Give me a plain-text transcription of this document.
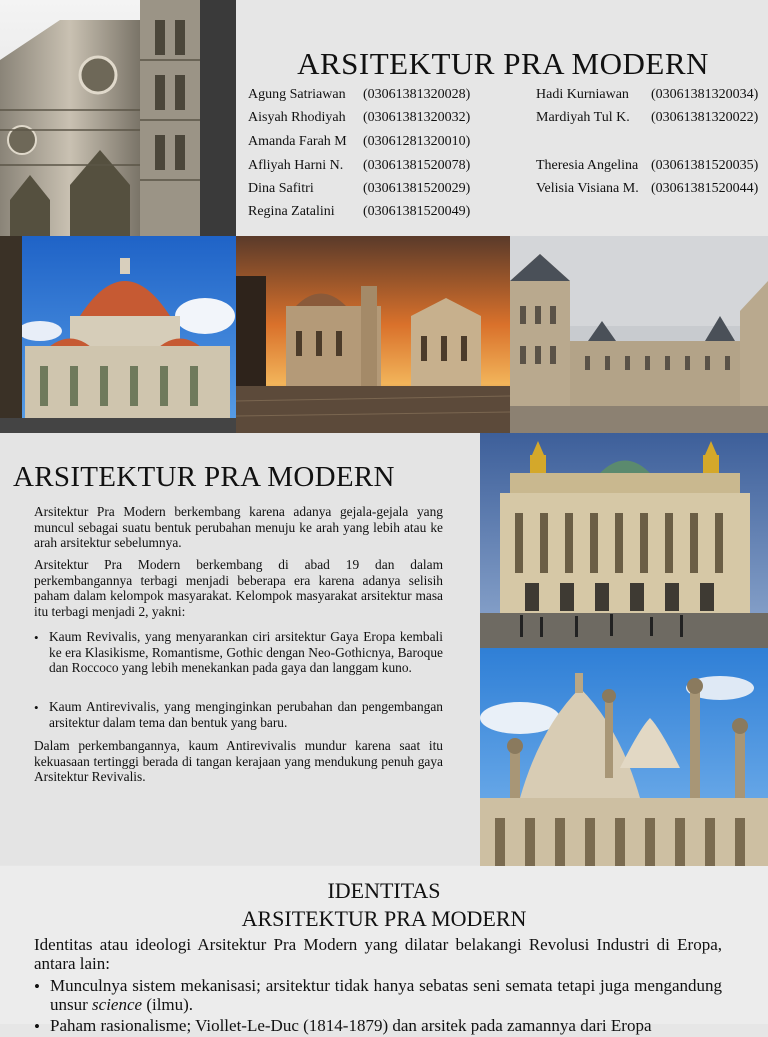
ARSITEKTUR PRA MODERN
Agung Satriawan (03061381320028)
Aisyah Rhodiyah (03061381320032)
Amanda Farah M (03061281320010)
Afliyah Harni N. (03061381520078)
Dina Safitri	(03061381520029)
Regina Zatalini (03061381520049)
Hadi Kurniawan (03061381320034)
Mardiyah Tul K. (03061381320022)
Theresia Angelina (03061381520035)
Velisia Visiana M. (03061381520044)
ARSITEKTUR PRA MODERN

Arsitektur Pra Modern berkembang karena adanya gejala-gejala yang muncul sebagai suatu bentuk perubahan menuju ke arah yang lebih atau ke arah arsitektur sebelumnya.

Arsitektur Pra Modern berkembang di abad 19 dan dalam perkembangannya terbagi menjadi beberapa era karena adanya selisih paham dalam kelompok masyarakat. Kelompok masyarakat arsitektur masa itu terbagi menjadi 2, yakni:

• Kaum Revivalis, yang menyarankan ciri arsitektur Gaya Eropa kembali ke era Klasikisme, Romantisme, Gothic dengan Neo-Gothicnya, Baroque dan Roccoco yang lebih menekankan pada gaya dan langgam kuno.

• Kaum Antirevivalis, yang menginginkan perubahan dan pengembangan arsitektur dalam tema dan bentuk yang baru.

Dalam perkembangannya, kaum Antirevivalis mundur karena saat itu kekuasaan tertinggi berada di tangan kerajaan yang mendukung penuh gaya Arsitektur Revivalis.

IDENTITAS
ARSITEKTUR PRA MODERN

Identitas atau ideologi Arsitektur Pra Modern yang dilatar belakangi Revolusi Industri di Eropa, antara lain:

• Munculnya sistem mekanisasi; arsitektur tidak hanya sebatas seni semata tetapi juga mengandung unsur science (ilmu).

• Paham rasionalisme; Viollet-Le-Duc (1814-1879) dan arsitek pada zamannya dari Eropa
